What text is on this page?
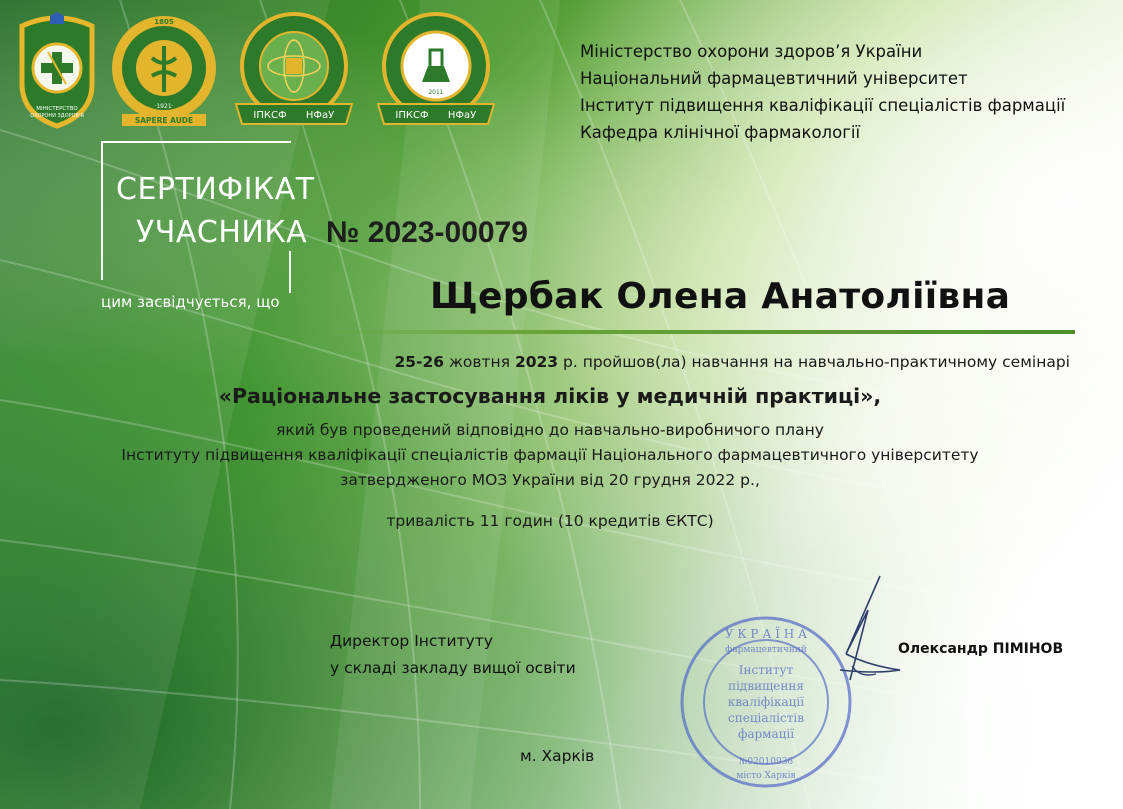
МІНІСТЕРСТВО
ОХОРОНИ ЗДОРОВ'Я
1805
·1921·
SAPERE AUDE	ІПКСФ НФаУ
2011
ІПКСФ НФаУ
Міністерство охорони здоров’я України
Національний фармацевтичний університет
Інститут підвищення кваліфікації спеціалістів фармації
Кафедра клінічної фармакології
СЕРТИФІКАТ
УЧАСНИКА № 2023-00079
цим засвідчується, що	Щербак Олена Анатоліївна
25-26 жовтня 2023 р. пройшов(ла) навчання на навчально-практичному семінарі
«Раціональне застосування ліків у медичній практиці»,
який був проведений відповідно до навчально-виробничого плану
Інституту підвищення кваліфікації спеціалістів фармації Національного фармацевтичного університету
затвердженого МОЗ України від 20 грудня 2022 р.,
тривалість 11 годин (10 кредитів ЄКТС)
Директор Інституту
у складі закладу вищої освіти
У К Р А Ї Н А
фармацевтичний
Інститут
підвищення
кваліфікації
спеціалістів
фармації
№02010936
місто Харків
Олександр ПІМІНОВ
м. Харків
